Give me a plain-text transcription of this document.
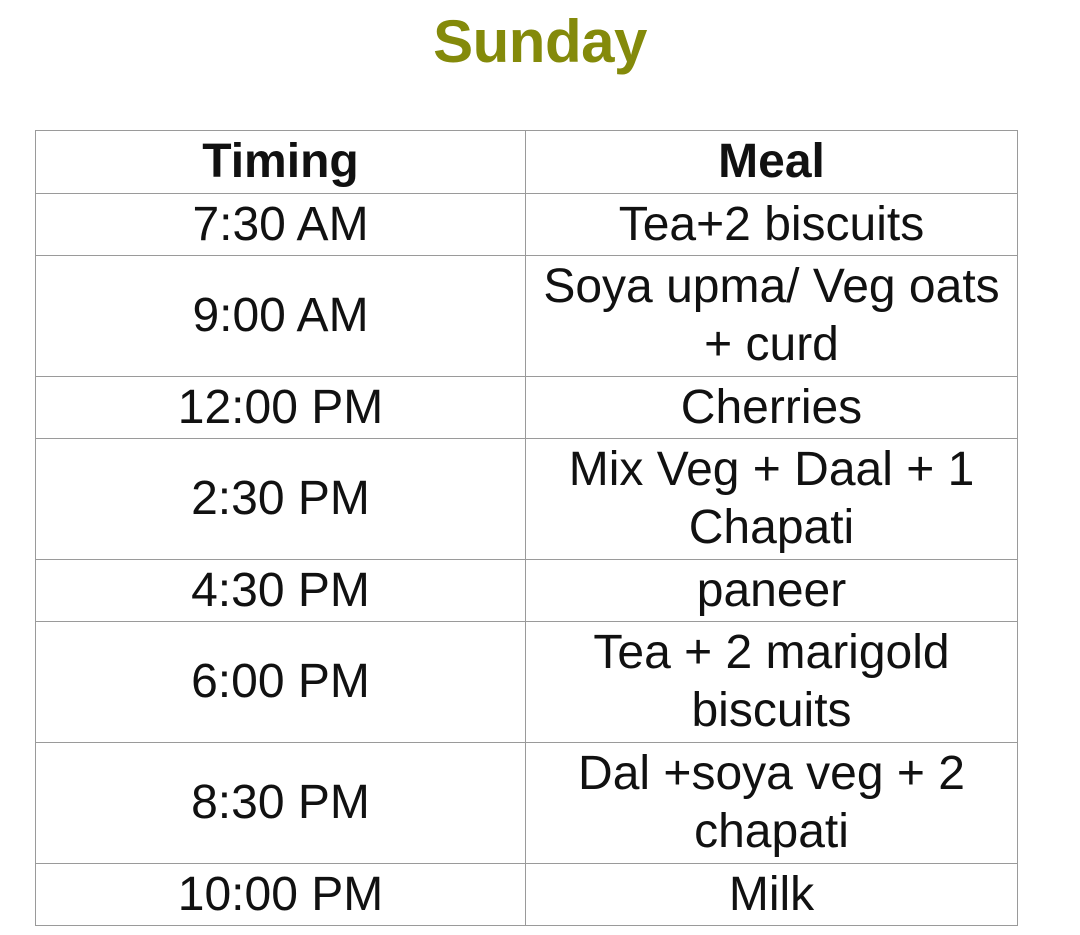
Sunday
Timing	Meal
7:30 AM	Tea+2 biscuits
9:00 AM	Soya upma/ Veg oats + curd
12:00 PM	Cherries
2:30 PM	Mix Veg + Daal + 1 Chapati
4:30 PM	paneer
6:00 PM	Tea + 2 marigold biscuits
8:30 PM	Dal +soya veg + 2 chapati
10:00 PM	Milk
